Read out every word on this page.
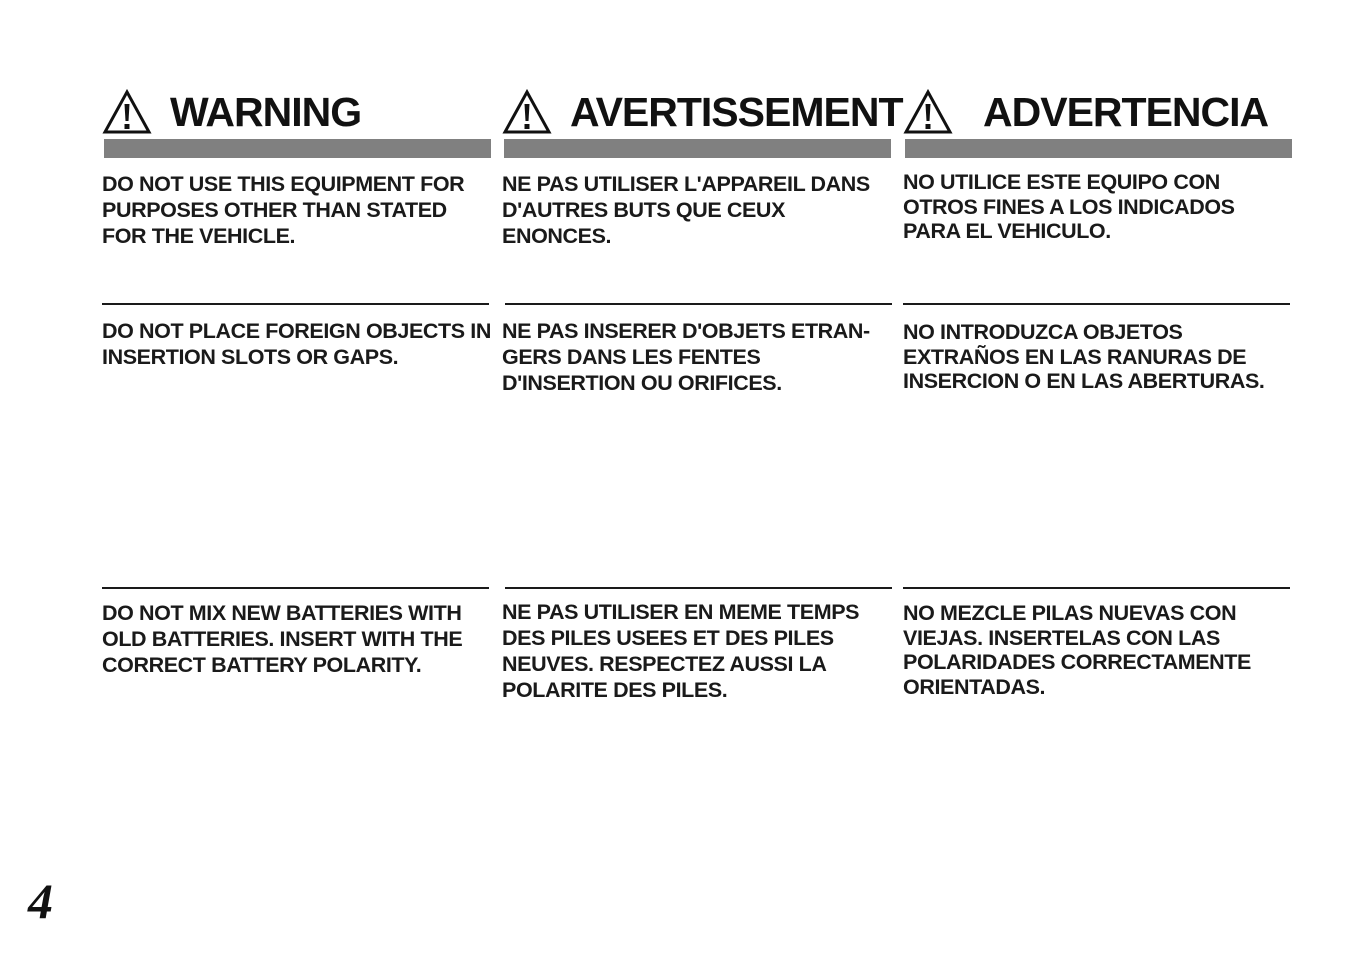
WARNING

DO NOT USE THIS EQUIPMENT FOR PURPOSES OTHER THAN STATED FOR THE VEHICLE.

DO NOT PLACE FOREIGN OBJECTS IN INSERTION SLOTS OR GAPS.

DO NOT MIX NEW BATTERIES WITH OLD BATTERIES. INSERT WITH THE CORRECT BATTERY POLARITY.

AVERTISSEMENT

NE PAS UTILISER L'APPAREIL DANS D'AUTRES BUTS QUE CEUX ENONCES.

NE PAS INSERER D'OBJETS ETRAN-GERS DANS LES FENTES D'INSERTION OU ORIFICES.

NE PAS UTILISER EN MEME TEMPS DES PILES USEES ET DES PILES NEUVES. RESPECTEZ AUSSI LA POLARITE DES PILES.

ADVERTENCIA

NO UTILICE ESTE EQUIPO CON OTROS FINES A LOS INDICADOS PARA EL VEHICULO.

NO INTRODUZCA OBJETOS EXTRAÑOS EN LAS RANURAS DE INSERCION O EN LAS ABERTURAS.

NO MEZCLE PILAS NUEVAS CON VIEJAS. INSERTELAS CON LAS POLARIDADES CORRECTAMENTE ORIENTADAS.

4
